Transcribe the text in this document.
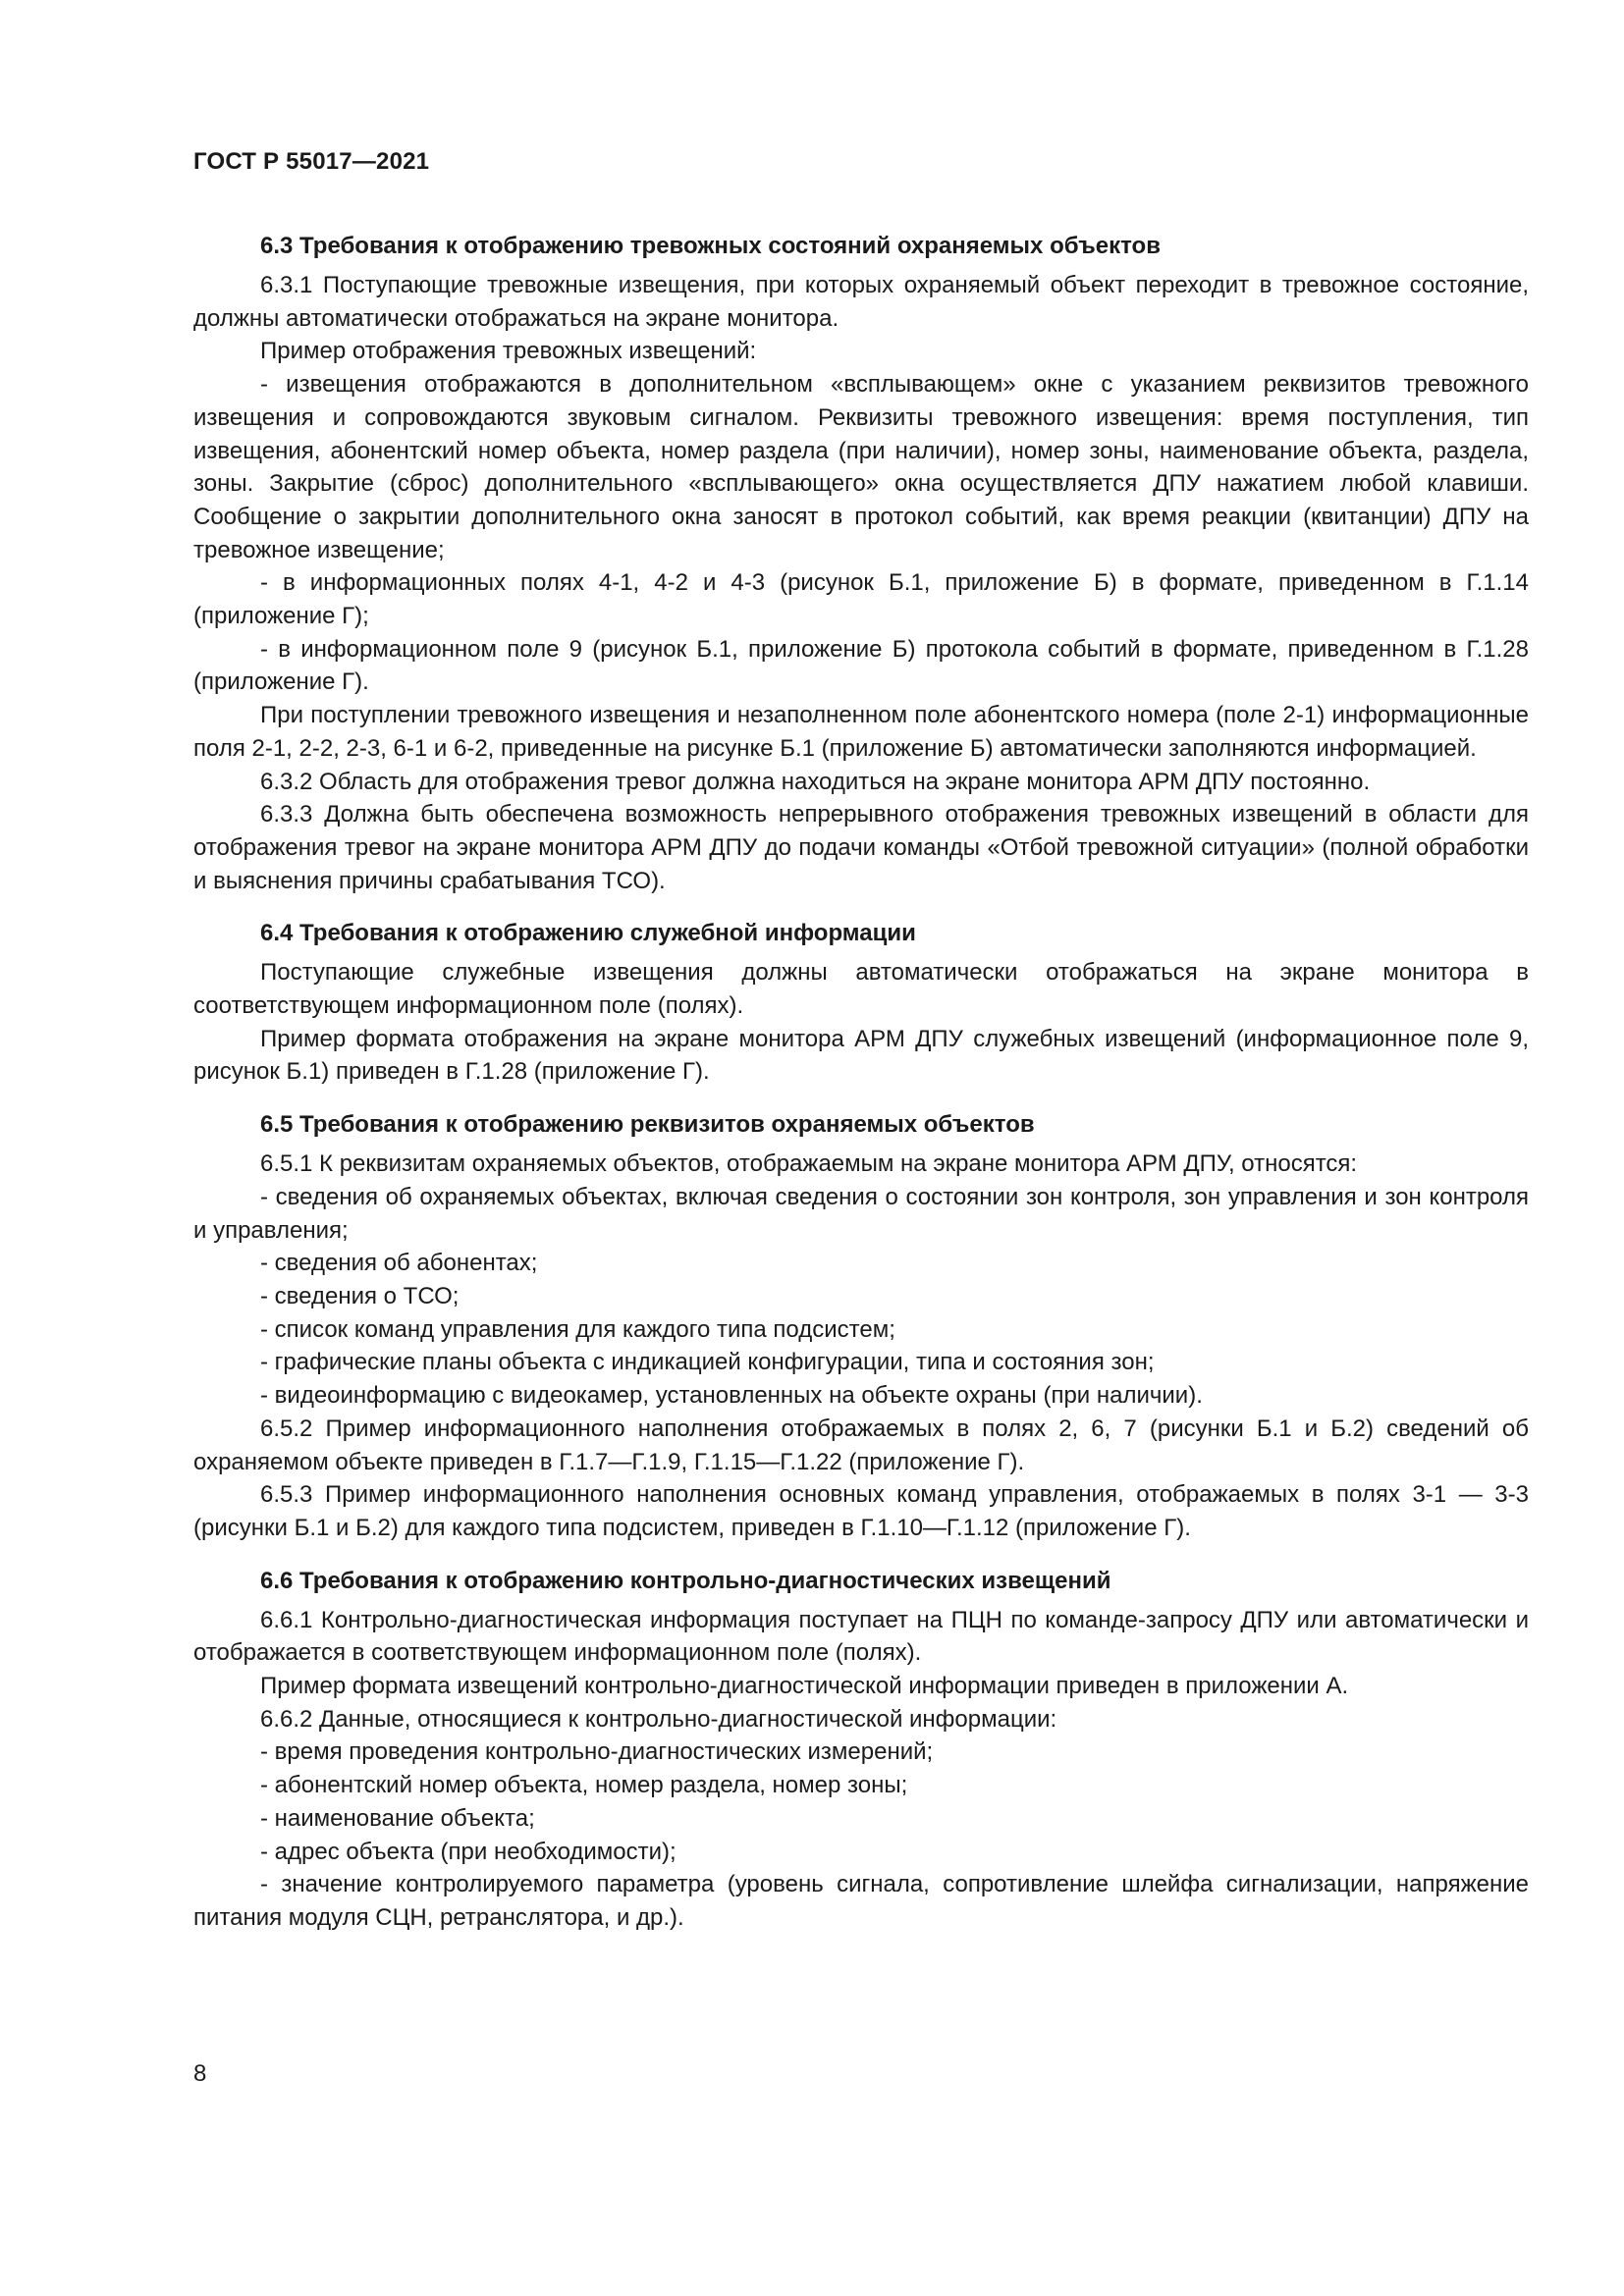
ГОСТ Р 55017—2021
6.3 Требования к отображению тревожных состояний охраняемых объектов

6.3.1 Поступающие тревожные извещения, при которых охраняемый объект переходит в тревожное состояние, должны автоматически отображаться на экране монитора.

Пример отображения тревожных извещений:

- извещения отображаются в дополнительном «всплывающем» окне с указанием реквизитов тревожного извещения и сопровождаются звуковым сигналом. Реквизиты тревожного извещения: время поступления, тип извещения, абонентский номер объекта, номер раздела (при наличии), номер зоны, наименование объекта, раздела, зоны. Закрытие (сброс) дополнительного «всплывающего» окна осуществляется ДПУ нажатием любой клавиши. Сообщение о закрытии дополнительного окна заносят в протокол событий, как время реакции (квитанции) ДПУ на тревожное извещение;

- в информационных полях 4-1, 4-2 и 4-3 (рисунок Б.1, приложение Б) в формате, приведенном в Г.1.14 (приложение Г);

- в информационном поле 9 (рисунок Б.1, приложение Б) протокола событий в формате, приведенном в Г.1.28 (приложение Г).

При поступлении тревожного извещения и незаполненном поле абонентского номера (поле 2-1) информационные поля 2-1, 2-2, 2-3, 6-1 и 6-2, приведенные на рисунке Б.1 (приложение Б) автоматически заполняются информацией.

6.3.2 Область для отображения тревог должна находиться на экране монитора АРМ ДПУ постоянно.

6.3.3 Должна быть обеспечена возможность непрерывного отображения тревожных извещений в области для отображения тревог на экране монитора АРМ ДПУ до подачи команды «Отбой тревожной ситуации» (полной обработки и выяснения причины срабатывания ТСО).

6.4 Требования к отображению служебной информации

Поступающие служебные извещения должны автоматически отображаться на экране монитора в соответствующем информационном поле (полях).

Пример формата отображения на экране монитора АРМ ДПУ служебных извещений (информационное поле 9, рисунок Б.1) приведен в Г.1.28 (приложение Г).

6.5 Требования к отображению реквизитов охраняемых объектов

6.5.1 К реквизитам охраняемых объектов, отображаемым на экране монитора АРМ ДПУ, относятся:

- сведения об охраняемых объектах, включая сведения о состоянии зон контроля, зон управления и зон контроля и управления;

- сведения об абонентах;

- сведения о ТСО;

- список команд управления для каждого типа подсистем;

- графические планы объекта с индикацией конфигурации, типа и состояния зон;

- видеоинформацию с видеокамер, установленных на объекте охраны (при наличии).

6.5.2 Пример информационного наполнения отображаемых в полях 2, 6, 7 (рисунки Б.1 и Б.2) сведений об охраняемом объекте приведен в Г.1.7—Г.1.9, Г.1.15—Г.1.22 (приложение Г).

6.5.3 Пример информационного наполнения основных команд управления, отображаемых в полях 3-1 — 3-3 (рисунки Б.1 и Б.2) для каждого типа подсистем, приведен в Г.1.10—Г.1.12 (приложение Г).

6.6 Требования к отображению контрольно-диагностических извещений

6.6.1 Контрольно-диагностическая информация поступает на ПЦН по команде-запросу ДПУ или автоматически и отображается в соответствующем информационном поле (полях).

Пример формата извещений контрольно-диагностической информации приведен в приложении А.

6.6.2 Данные, относящиеся к контрольно-диагностической информации:

- время проведения контрольно-диагностических измерений;

- абонентский номер объекта, номер раздела, номер зоны;

- наименование объекта;

- адрес объекта (при необходимости);

- значение контролируемого параметра (уровень сигнала, сопротивление шлейфа сигнализации, напряжение питания модуля СЦН, ретранслятора, и др.).

8
